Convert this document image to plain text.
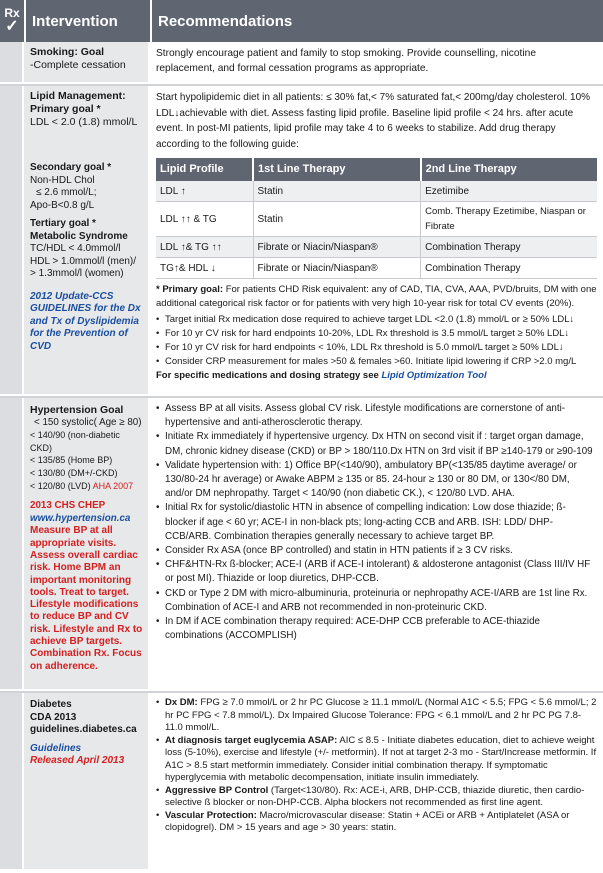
Rx
✓ Intervention	Recommendations
Smoking: Goal
-Complete cessation
Strongly encourage patient and family to stop smoking. Provide counselling, nicotine replacement, and formal cessation programs as appropriate.
Lipid Management:
Primary goal *
LDL < 2.0 (1.8) mmol/L
Start hypolipidemic diet in all patients: ≤ 30% fat,< 7% saturated fat,< 200mg/day cholesterol. 10% LDL↓achievable with diet. Assess fasting lipid profile. Baseline lipid profile < 24 hrs. after acute event. In post-MI patients, lipid profile may take 4 to 6 weeks to stabilize. Add drug therapy according to the following guide:
Secondary goal *
Non-HDL Chol
≤ 2.6 mmol/L;
Apo-B<0.8 g/L
Tertiary goal *
Metabolic Syndrome
TC/HDL < 4.0mmol/l
HDL > 1.0mmol/l (men)/
> 1.3mmol/l (women)
2012 Update-CCS GUIDELINES for the Dx and Tx of Dyslipidemia for the Prevention of CVD
Lipid Profile	1st Line Therapy	2nd Line Therapy
LDL ↑	Statin	Ezetimibe
LDL ↑↑ & TG	Statin	Comb. Therapy Ezetimibe, Niaspan or Fibrate
LDL ↑& TG ↑↑	Fibrate or Niacin/Niaspan®	Combination Therapy
TG↑& HDL ↓	Fibrate or Niacin/Niaspan®	Combination Therapy
* Primary goal: For patients CHD Risk equivalent: any of CAD, TIA, CVA, AAA, PVD/bruits, DM with one additional categorical risk factor or for patients with very high 10-year risk for total CV events (20%).
• Target initial Rx medication dose required to achieve target LDL <2.0 (1.8) mmol/L or ≥ 50% LDL↓
• For 10 yr CV risk for hard endpoints 10-20%, LDL Rx threshold is 3.5 mmol/L target ≥ 50% LDL↓
• For 10 yr CV risk for hard endpoints < 10%, LDL Rx threshold is 5.0 mmol/L target ≥ 50% LDL↓
• Consider CRP measurement for males >50 & females >60. Initiate lipid lowering if CRP >2.0 mg/L
For specific medications and dosing strategy see Lipid Optimization Tool
Hypertension Goal
< 150 systolic( Age ≥ 80)
< 140/90 (non-diabetic CKD)
< 135/85 (Home BP)
< 130/80 (DM+/-CKD)
< 120/80 (LVD) AHA 2007
2013 CHS CHEP
www.hypertension.ca
Measure BP at all appropriate visits. Assess overall cardiac risk. Home BPM an important monitoring tools. Treat to target. Lifestyle modifications to reduce BP and CV risk. Lifestyle and Rx to achieve BP targets. Combination Rx. Focus on adherence.
• Assess BP at all visits. Assess global CV risk. Lifestyle modifications are cornerstone of anti-hypertensive and anti-atherosclerotic therapy.
• Initiate Rx immediately if hypertensive urgency. Dx HTN on second visit if : target organ damage, DM, chronic kidney disease (CKD) or BP > 180/110.Dx HTN on 3rd visit if BP ≥140-179 or ≥90-109
• Validate hypertension with: 1) Office BP(<140/90), ambulatory BP(<135/85 daytime average/ or 130/80-24 hr average) or Awake ABPM ≥ 135 or 85. 24-hour ≥ 130 or 80 DM, or 130</80 DM, and/or DM nephropathy. Target < 140/90 (non diabetic CK.), < 120/80 LVD. AHA.
• Initial Rx for systolic/diastolic HTN in absence of compelling indication: Low dose thiazide; ß-blocker if age < 60 yr; ACE-I in non-black pts; long-acting CCB and ARB. ISH: LDD/ DHP-CCB/ARB. Combination therapies generally necessary to achieve target BP.
• Consider Rx ASA (once BP controlled) and statin in HTN patients if ≥ 3 CV risks.
• CHF&HTN-Rx ß-blocker; ACE-I (ARB if ACE-I intolerant) & aldosterone antagonist (Class III/IV HF or post MI). Thiazide or loop diuretics, DHP-CCB.
• CKD or Type 2 DM with micro-albuminuria, proteinuria or nephropathy ACE-I/ARB are 1st line Rx. Combination of ACE-I and ARB not recommended in non-proteinuric CKD.
• In DM if ACE combination therapy required: ACE-DHP CCB preferable to ACE-thiazide combinations (ACCOMPLISH)
Diabetes
CDA 2013
guidelines.diabetes.ca
Guidelines
Released April 2013
• Dx DM: FPG ≥ 7.0 mmol/L or 2 hr PC Glucose ≥ 11.1 mmol/L (Normal A1C < 5.5; FPG < 5.6 mmol/L; 2 hr PC FPG < 7.8 mmol/L). Dx Impaired Glucose Tolerance: FPG < 6.1 mmol/L and 2 hr PC PG 7.8-11.0 mmol/L.
• At diagnosis target euglycemia ASAP: AIC ≤ 8.5 - Initiate diabetes education, diet to achieve weight loss (5-10%), exercise and lifestyle (+/- metformin). If not at target 2-3 mo - Start/Increase metformin. If A1C > 8.5 start metformin immediately. Consider initial combination therapy. If symptomatic hyperglycemia with metabolic decompensation, initiate insulin immediately.
• Aggressive BP Control (Target<130/80). Rx: ACE-i, ARB, DHP-CCB, thiazide diuretic, then cardio-selective ß blocker or non-DHP-CCB. Alpha blockers not recommended as first line agent.
• Vascular Protection: Macro/microvascular disease: Statin + ACEi or ARB + Antiplatelet (ASA or clopidogrel). DM > 15 years and age > 30 years: statin.
